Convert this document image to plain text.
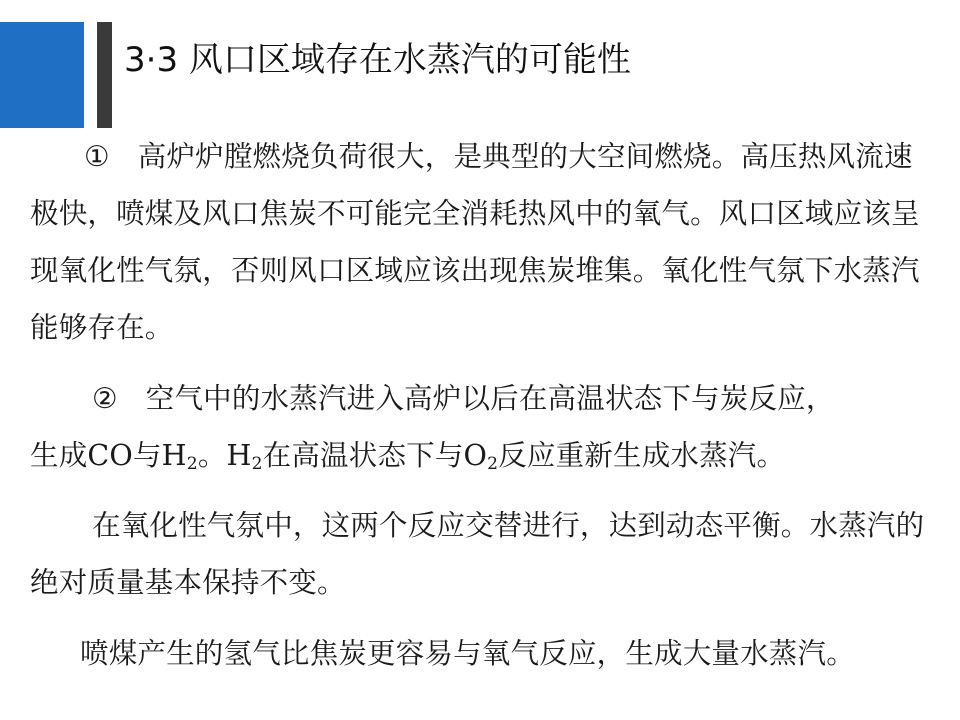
3·3 风口区域存在水蒸汽的可能性

① 高炉炉膛燃烧负荷很大，是典型的大空间燃烧。高压热风流速极快，喷煤及风口焦炭不可能完全消耗热风中的氧气。风口区域应该呈现氧化性气氛，否则风口区域应该出现焦炭堆集。氧化性气氛下水蒸汽能够存在。

② 空气中的水蒸汽进入高炉以后在高温状态下与炭反应，
生成CO与$H_2$。$H_2$在高温状态下与$O_2$反应重新生成水蒸汽。

在氧化性气氛中，这两个反应交替进行，达到动态平衡。水蒸汽的绝对质量基本保持不变。

喷煤产生的氢气比焦炭更容易与氧气反应，生成大量水蒸汽。
